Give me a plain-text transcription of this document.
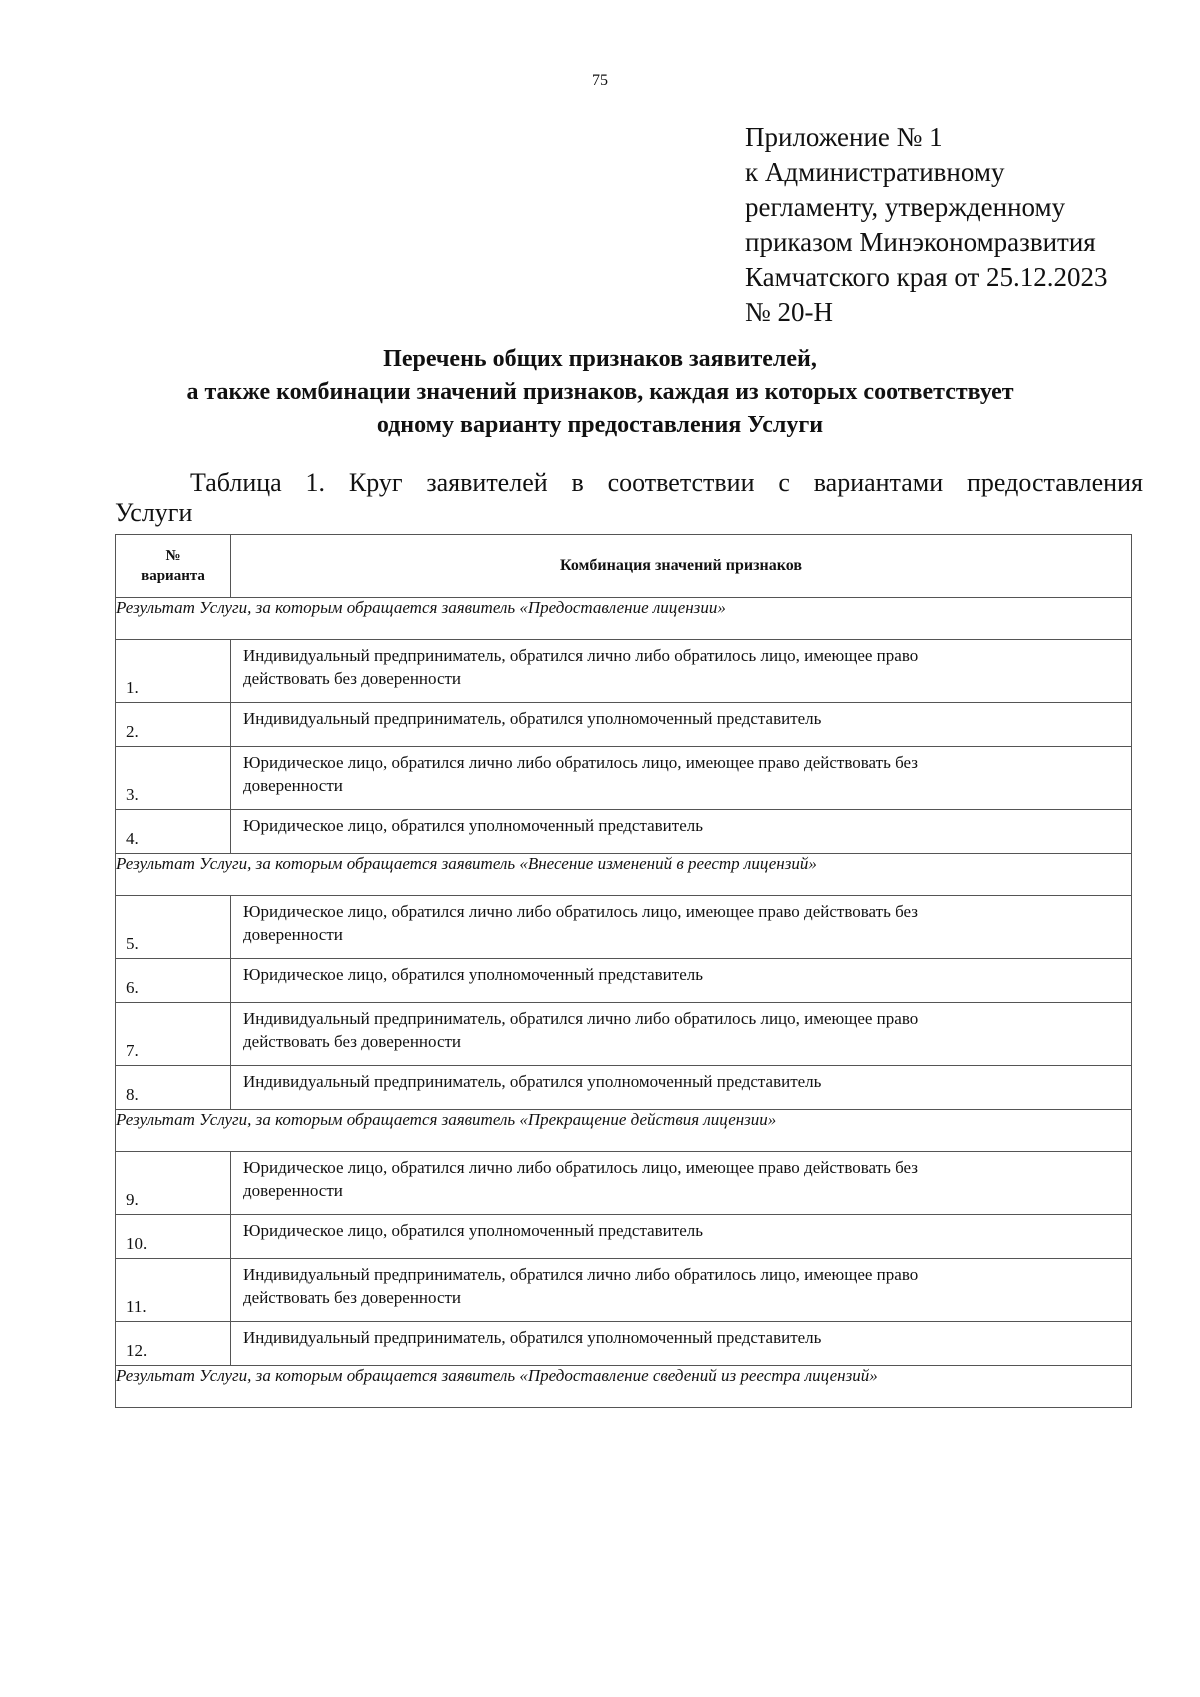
75
Приложение № 1
к Административному
регламенту, утвержденному
приказом Минэкономразвития
Камчатского края от 25.12.2023
№ 20-Н
Перечень общих признаков заявителей,
а также комбинации значений признаков, каждая из которых соответствует
одному варианту предоставления Услуги
Таблица 1. Круг заявителей в соответствии с вариантами предоставления
Услуги
№
варианта	Комбинация значений признаков
Результат Услуги, за которым обращается заявитель «Предоставление лицензии»	
1.	Индивидуальный предприниматель, обратился лично либо обратилось лицо, имеющее право
действовать без доверенности

2.	Индивидуальный предприниматель, обратился уполномоченный представитель

3.	Юридическое лицо, обратился лично либо обратилось лицо, имеющее право действовать без
доверенности

4.	Юридическое лицо, обратился уполномоченный представитель

Результат Услуги, за которым обращается заявитель «Внесение изменений в реестр лицензий»	
5.	Юридическое лицо, обратился лично либо обратилось лицо, имеющее право действовать без
доверенности

6.	Юридическое лицо, обратился уполномоченный представитель

7.	Индивидуальный предприниматель, обратился лично либо обратилось лицо, имеющее право
действовать без доверенности

8.	Индивидуальный предприниматель, обратился уполномоченный представитель

Результат Услуги, за которым обращается заявитель «Прекращение действия лицензии»	
9.	Юридическое лицо, обратился лично либо обратилось лицо, имеющее право действовать без
доверенности

10.	Юридическое лицо, обратился уполномоченный представитель

11.	Индивидуальный предприниматель, обратился лично либо обратилось лицо, имеющее право
действовать без доверенности

12.	Индивидуальный предприниматель, обратился уполномоченный представитель

Результат Услуги, за которым обращается заявитель «Предоставление сведений из реестра лицензий»	
